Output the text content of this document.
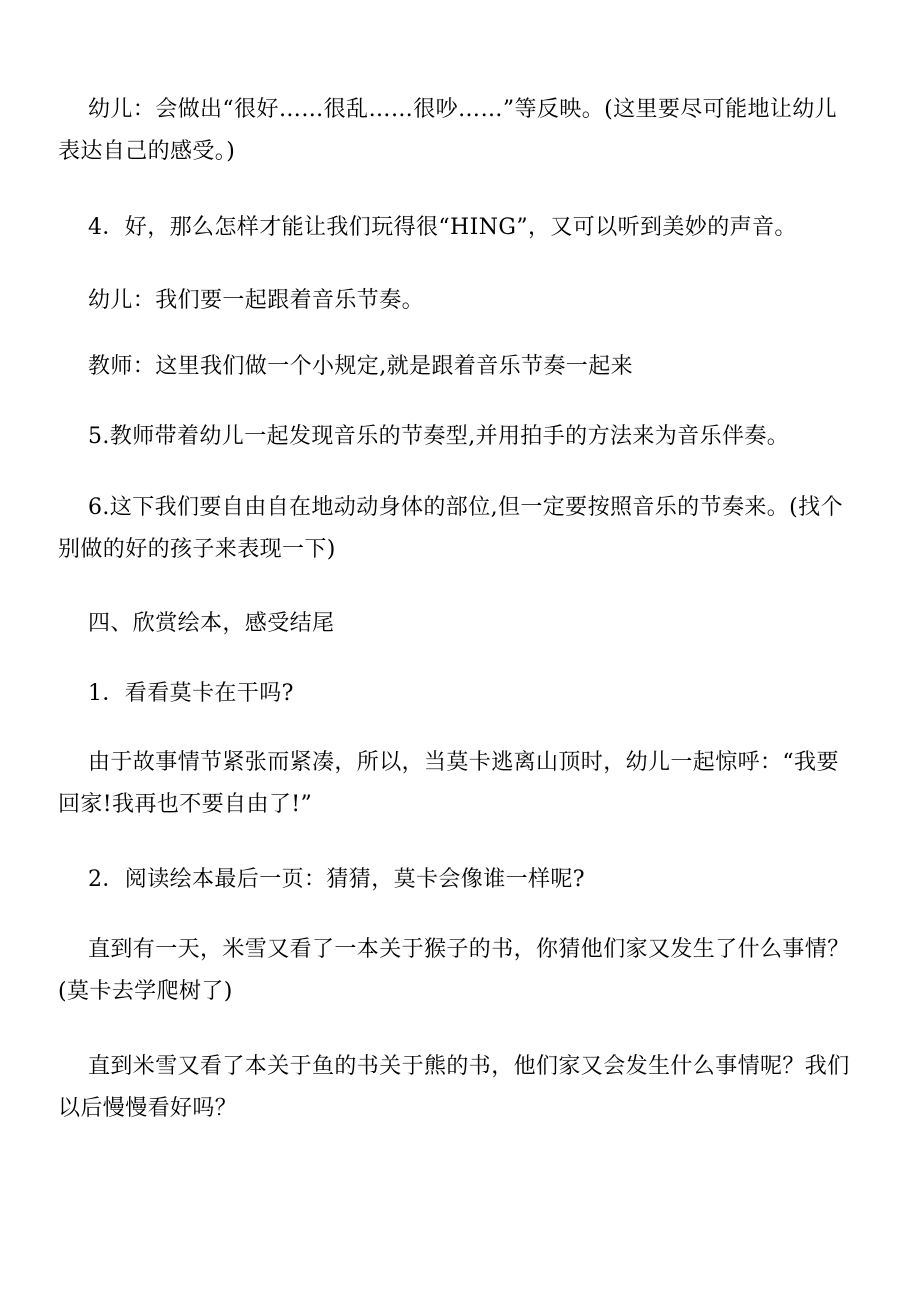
幼儿：会做出“很好……很乱……很吵……”等反映。(这里要尽可能地让幼儿
表达自己的感受。)

4．好，那么怎样才能让我们玩得很“HING”，又可以听到美妙的声音。

幼儿：我们要一起跟着音乐节奏。

教师：这里我们做一个小规定,就是跟着音乐节奏一起来

5.教师带着幼儿一起发现音乐的节奏型,并用拍手的方法来为音乐伴奏。

6.这下我们要自由自在地动动身体的部位,但一定要按照音乐的节奏来。(找个
别做的好的孩子来表现一下)

四、欣赏绘本，感受结尾

1．看看莫卡在干吗?

由于故事情节紧张而紧凑，所以，当莫卡逃离山顶时，幼儿一起惊呼：“我要
回家!我再也不要自由了!”

2．阅读绘本最后一页：猜猜，莫卡会像谁一样呢?

直到有一天，米雪又看了一本关于猴子的书，你猜他们家又发生了什么事情？
(莫卡去学爬树了)

直到米雪又看了本关于鱼的书关于熊的书，他们家又会发生什么事情呢？我们
以后慢慢看好吗？
